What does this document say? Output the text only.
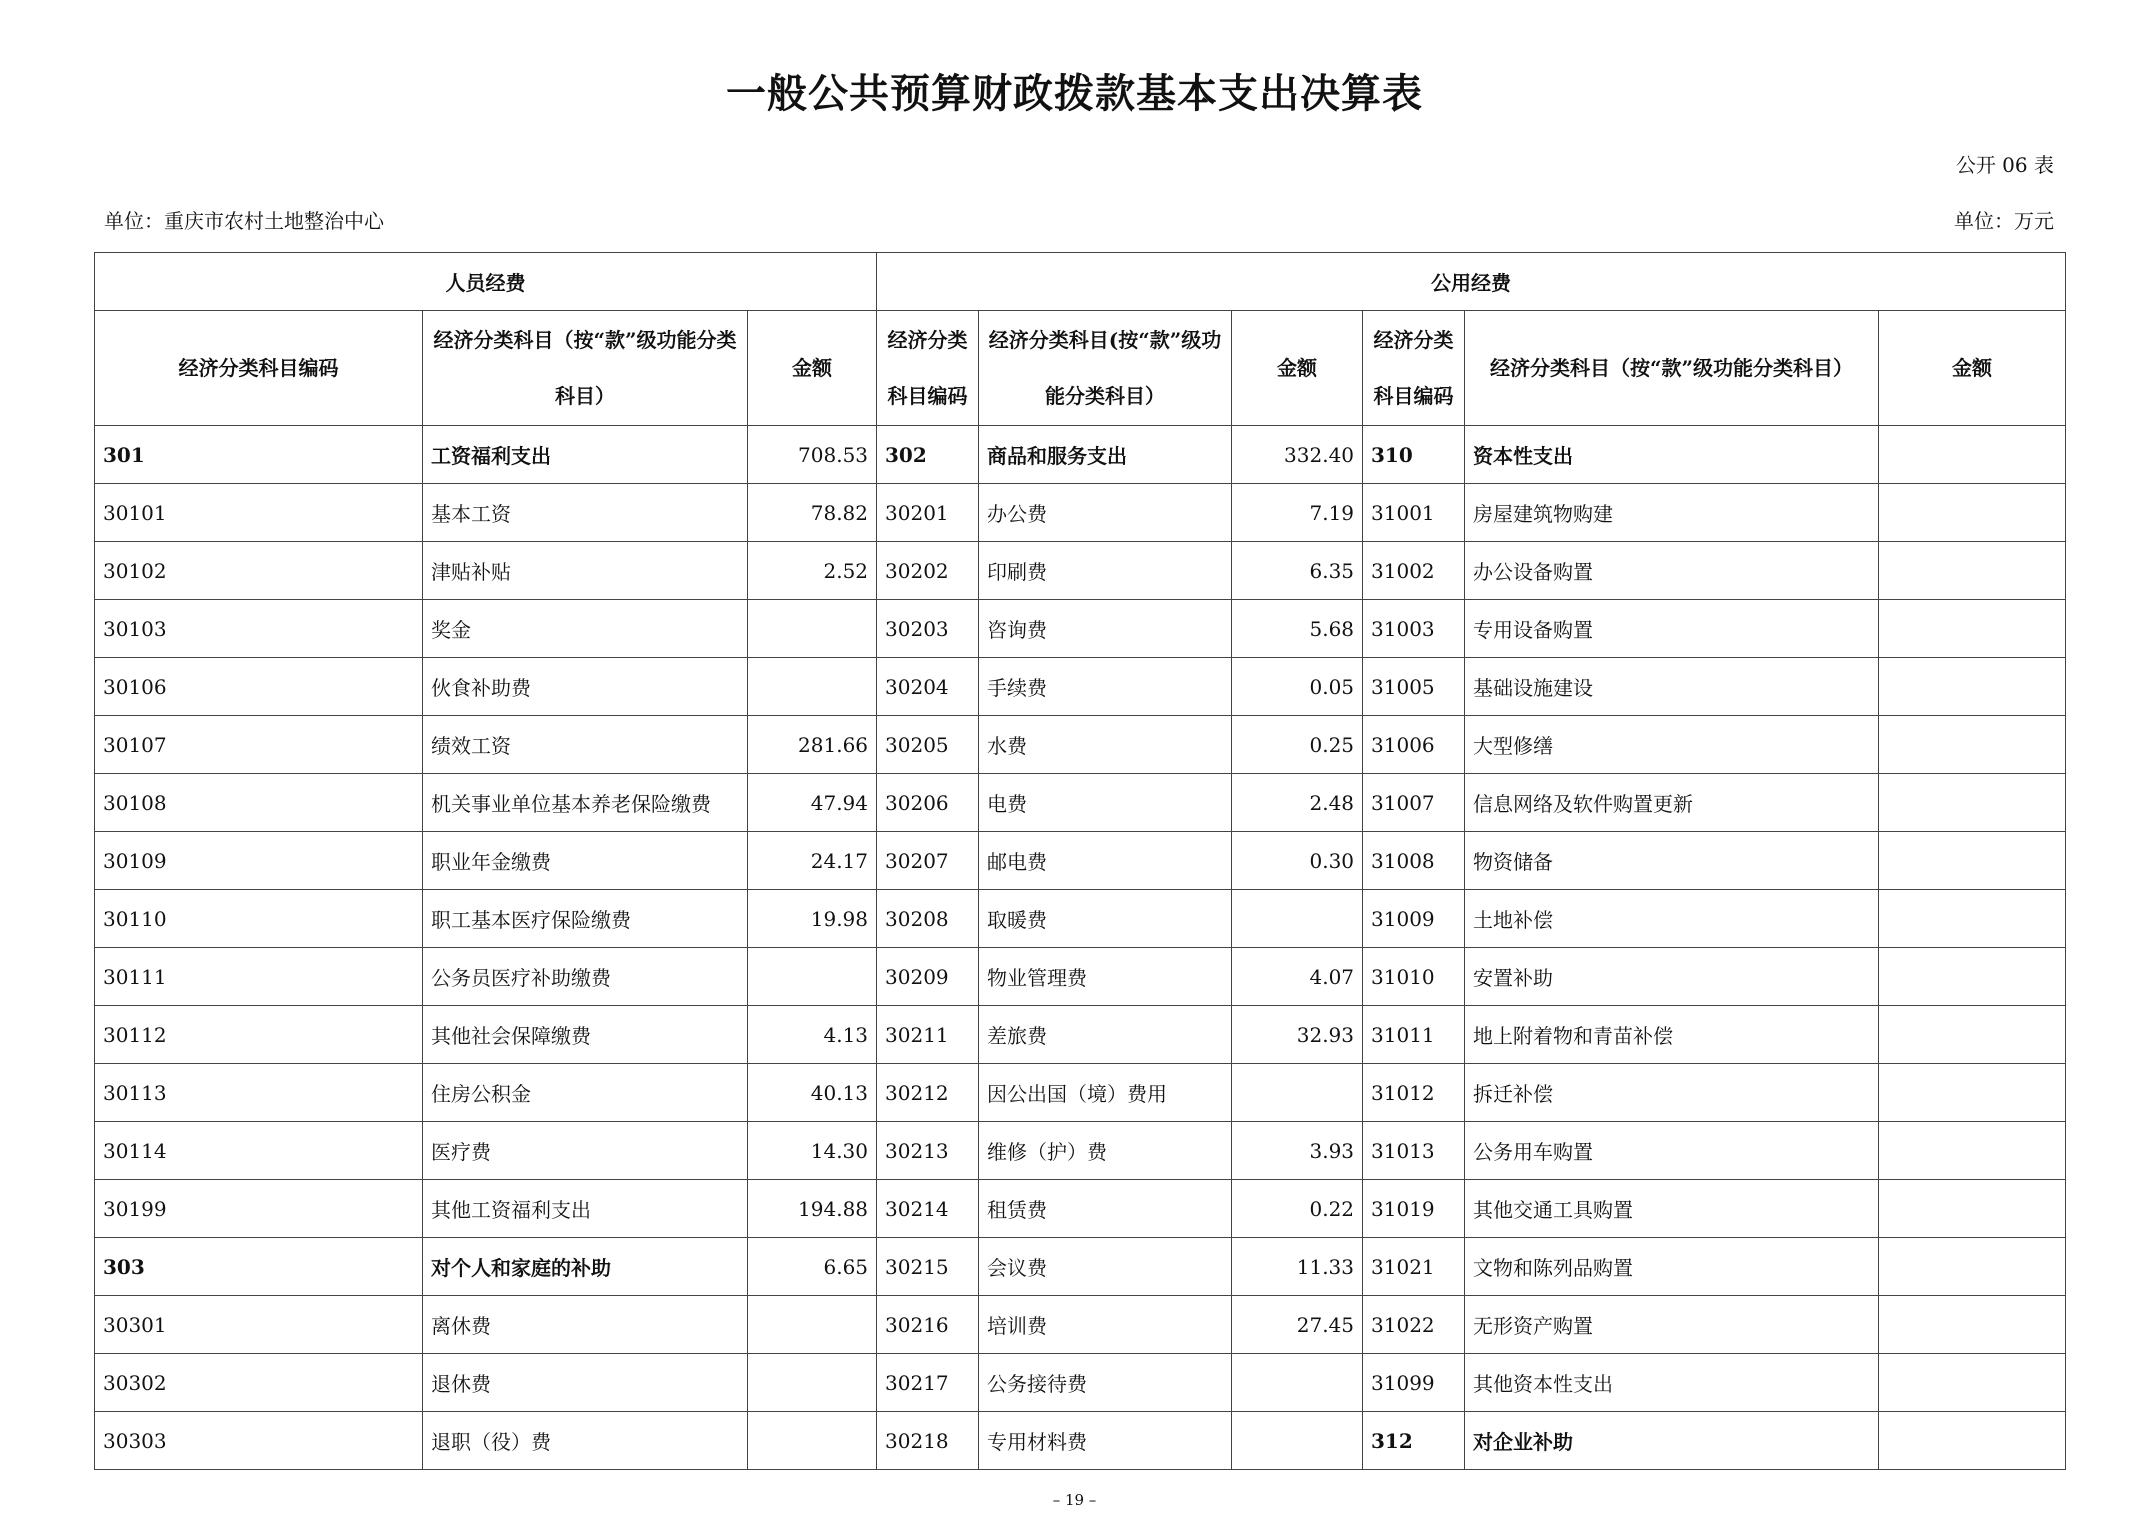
一般公共预算财政拨款基本支出决算表
公开 06 表
单位：重庆市农村土地整治中心	单位：万元
人员经费			公用经费					
经济分类科目编码	经济分类科目（按“款”级功能分类科目）	金额	经济分类科目编码	经济分类科目(按“款”级功能分类科目）	金额	经济分类科目编码	经济分类科目（按“款”级功能分类科目）	金额
301	工资福利支出	708.53	302	商品和服务支出	332.40	310	资本性支出	
30101	基本工资	78.82	30201	办公费	7.19	31001	房屋建筑物购建	
30102	津贴补贴	2.52	30202	印刷费	6.35	31002	办公设备购置	
30103	奖金		30203	咨询费	5.68	31003	专用设备购置	
30106	伙食补助费		30204	手续费	0.05	31005	基础设施建设	
30107	绩效工资	281.66	30205	水费	0.25	31006	大型修缮	
30108	机关事业单位基本养老保险缴费	47.94	30206	电费	2.48	31007	信息网络及软件购置更新	
30109	职业年金缴费	24.17	30207	邮电费	0.30	31008	物资储备	
30110	职工基本医疗保险缴费	19.98	30208	取暖费		31009	土地补偿	
30111	公务员医疗补助缴费		30209	物业管理费	4.07	31010	安置补助	
30112	其他社会保障缴费	4.13	30211	差旅费	32.93	31011	地上附着物和青苗补偿	
30113	住房公积金	40.13	30212	因公出国（境）费用		31012	拆迁补偿	
30114	医疗费	14.30	30213	维修（护）费	3.93	31013	公务用车购置	
30199	其他工资福利支出	194.88	30214	租赁费	0.22	31019	其他交通工具购置	
303	对个人和家庭的补助	6.65	30215	会议费	11.33	31021	文物和陈列品购置	
30301	离休费		30216	培训费	27.45	31022	无形资产购置	
30302	退休费		30217	公务接待费		31099	其他资本性支出	
30303	退职（役）费		30218	专用材料费		312	对企业补助	
– 19 –
